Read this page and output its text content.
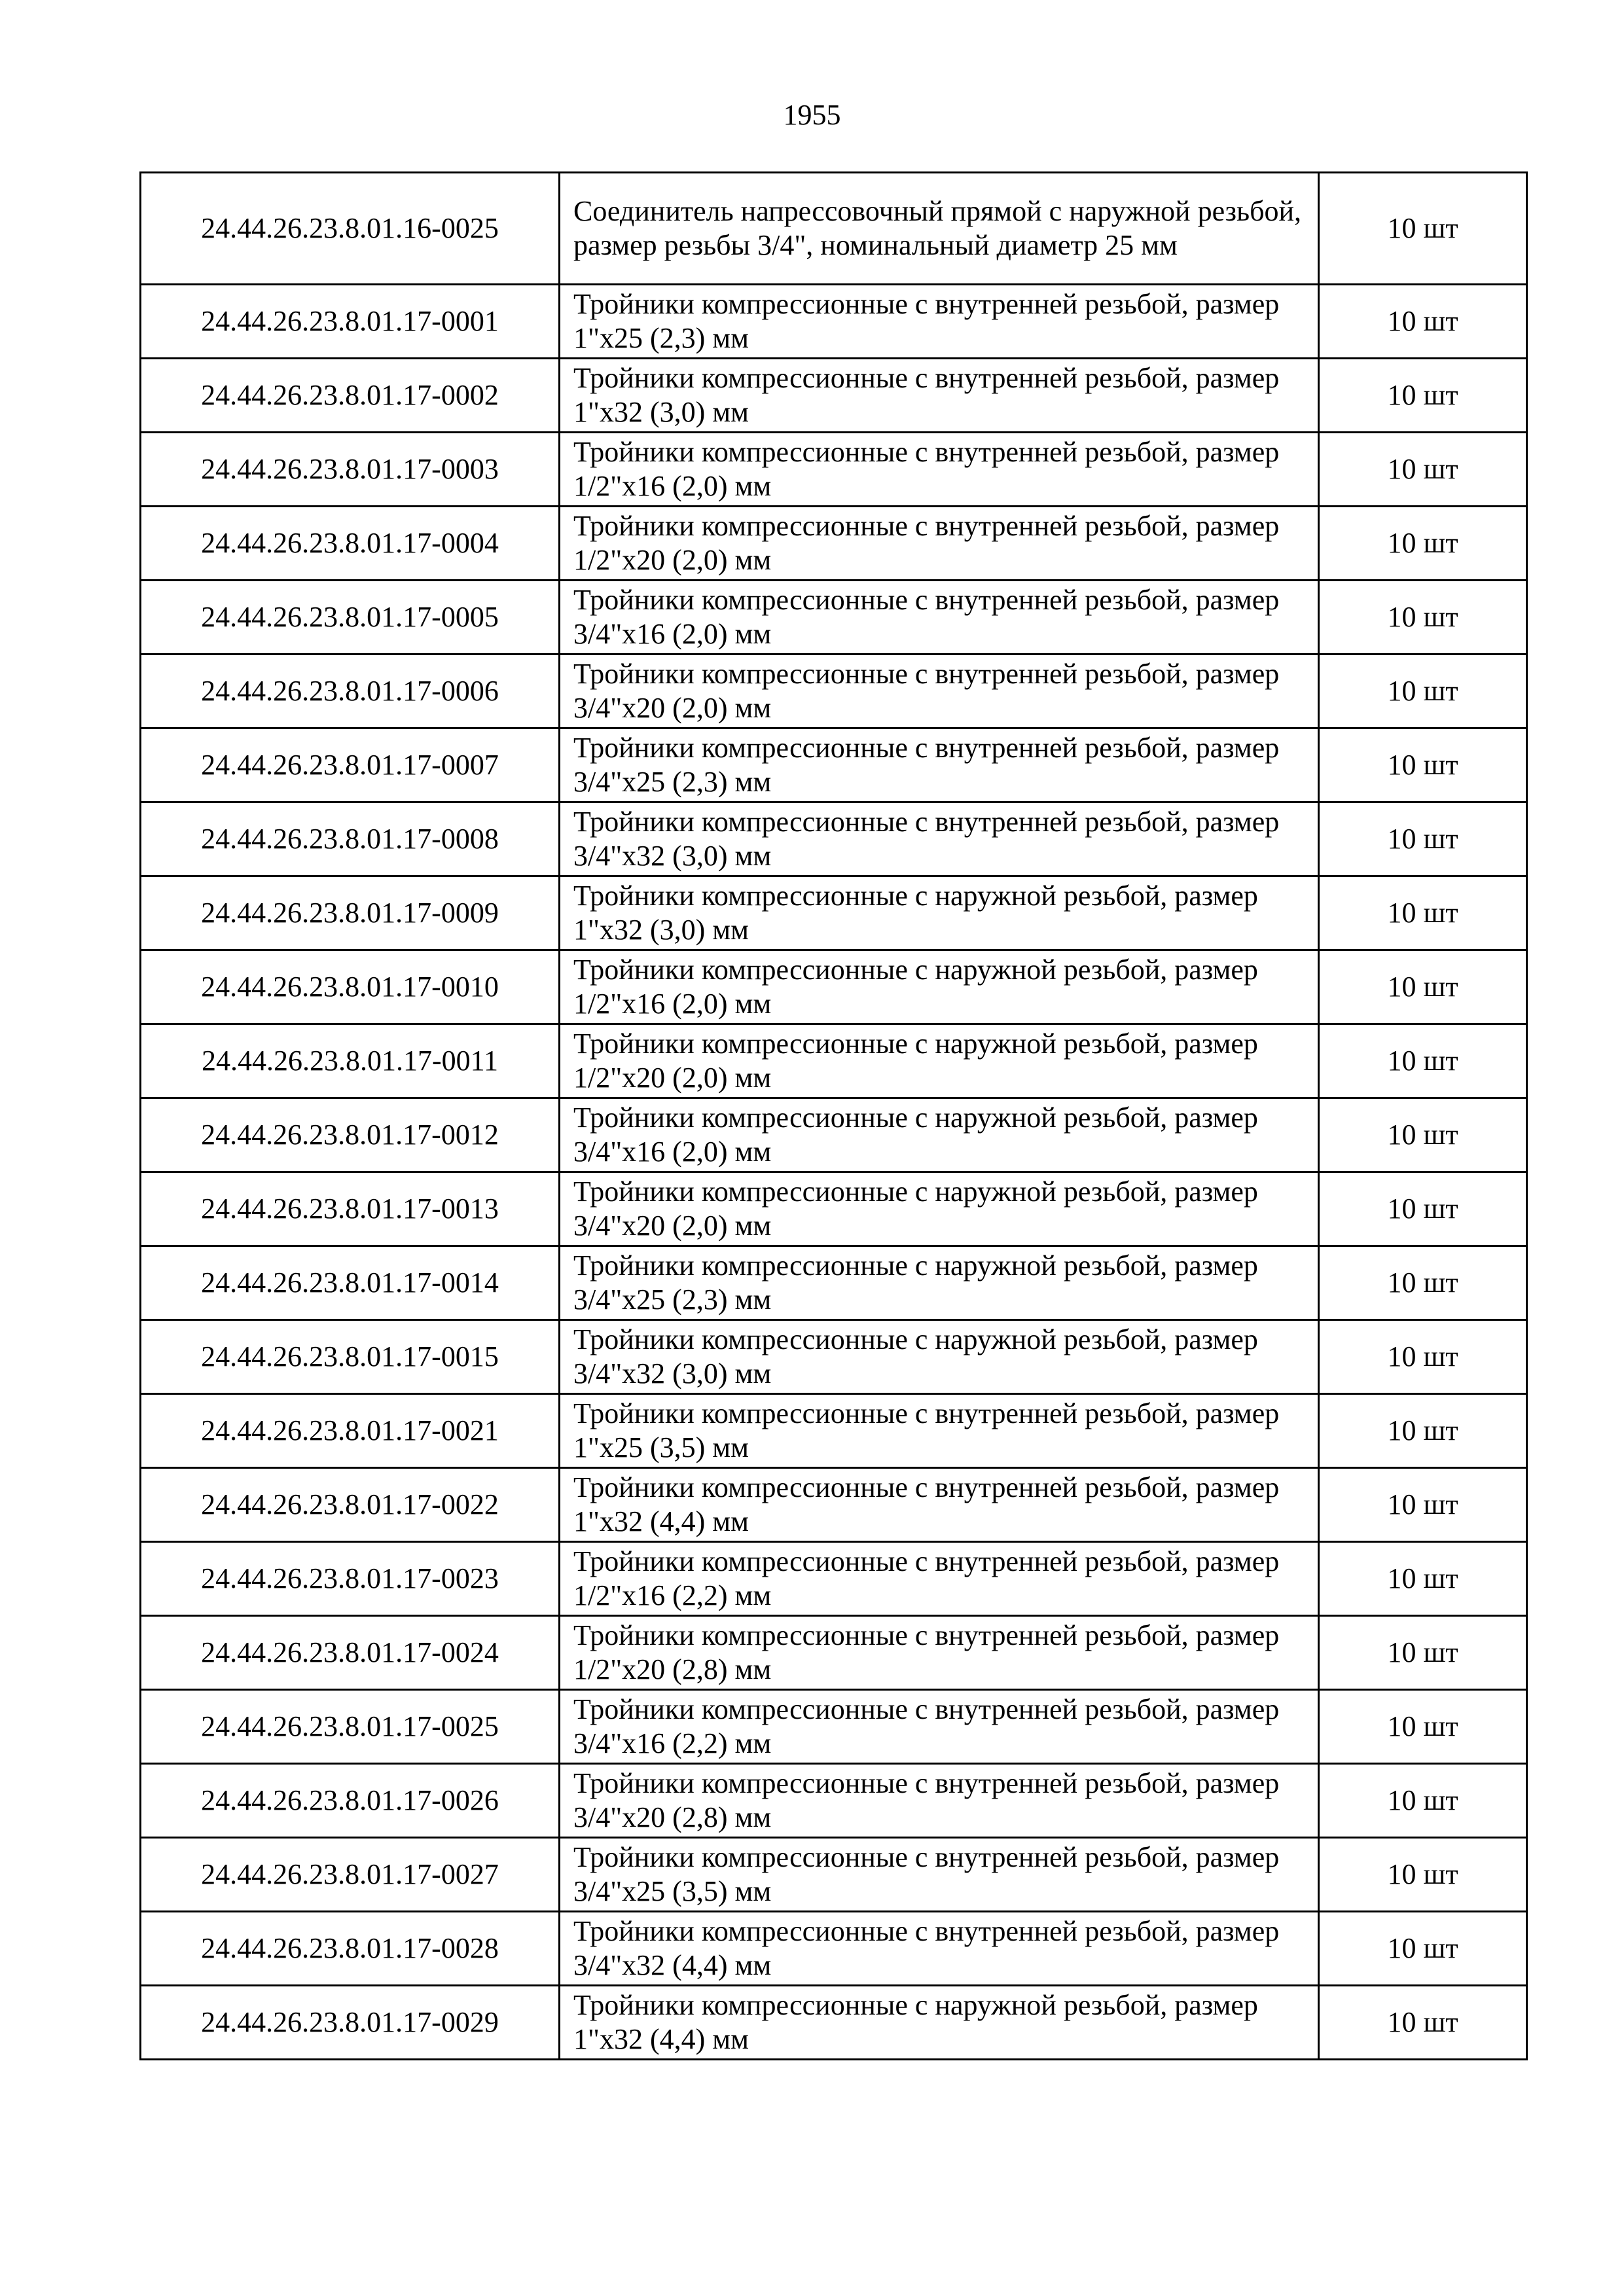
1955
24.44.26.23.8.01.16-0025	Соединитель напрессовочный прямой с наружной резьбой, размер резьбы 3/4", номинальный диаметр 25 мм	10 шт
24.44.26.23.8.01.17-0001	Тройники компрессионные с внутренней резьбой, размер 1"х25 (2,3) мм	10 шт
24.44.26.23.8.01.17-0002	Тройники компрессионные с внутренней резьбой, размер 1"х32 (3,0) мм	10 шт
24.44.26.23.8.01.17-0003	Тройники компрессионные с внутренней резьбой, размер 1/2"х16 (2,0) мм	10 шт
24.44.26.23.8.01.17-0004	Тройники компрессионные с внутренней резьбой, размер 1/2"х20 (2,0) мм	10 шт
24.44.26.23.8.01.17-0005	Тройники компрессионные с внутренней резьбой, размер 3/4"х16 (2,0) мм	10 шт
24.44.26.23.8.01.17-0006	Тройники компрессионные с внутренней резьбой, размер 3/4"х20 (2,0) мм	10 шт
24.44.26.23.8.01.17-0007	Тройники компрессионные с внутренней резьбой, размер 3/4"х25 (2,3) мм	10 шт
24.44.26.23.8.01.17-0008	Тройники компрессионные с внутренней резьбой, размер 3/4"х32 (3,0) мм	10 шт
24.44.26.23.8.01.17-0009	Тройники компрессионные с наружной резьбой, размер 1"х32 (3,0) мм	10 шт
24.44.26.23.8.01.17-0010	Тройники компрессионные с наружной резьбой, размер 1/2"х16 (2,0) мм	10 шт
24.44.26.23.8.01.17-0011	Тройники компрессионные с наружной резьбой, размер 1/2"х20 (2,0) мм	10 шт
24.44.26.23.8.01.17-0012	Тройники компрессионные с наружной резьбой, размер 3/4"х16 (2,0) мм	10 шт
24.44.26.23.8.01.17-0013	Тройники компрессионные с наружной резьбой, размер 3/4"х20 (2,0) мм	10 шт
24.44.26.23.8.01.17-0014	Тройники компрессионные с наружной резьбой, размер 3/4"х25 (2,3) мм	10 шт
24.44.26.23.8.01.17-0015	Тройники компрессионные с наружной резьбой, размер 3/4"х32 (3,0) мм	10 шт
24.44.26.23.8.01.17-0021	Тройники компрессионные с внутренней резьбой, размер 1"х25 (3,5) мм	10 шт
24.44.26.23.8.01.17-0022	Тройники компрессионные с внутренней резьбой, размер 1"х32 (4,4) мм	10 шт
24.44.26.23.8.01.17-0023	Тройники компрессионные с внутренней резьбой, размер 1/2"х16 (2,2) мм	10 шт
24.44.26.23.8.01.17-0024	Тройники компрессионные с внутренней резьбой, размер 1/2"х20 (2,8) мм	10 шт
24.44.26.23.8.01.17-0025	Тройники компрессионные с внутренней резьбой, размер 3/4"х16 (2,2) мм	10 шт
24.44.26.23.8.01.17-0026	Тройники компрессионные с внутренней резьбой, размер 3/4"х20 (2,8) мм	10 шт
24.44.26.23.8.01.17-0027	Тройники компрессионные с внутренней резьбой, размер 3/4"х25 (3,5) мм	10 шт
24.44.26.23.8.01.17-0028	Тройники компрессионные с внутренней резьбой, размер 3/4"х32 (4,4) мм	10 шт
24.44.26.23.8.01.17-0029	Тройники компрессионные с наружной резьбой, размер 1"х32 (4,4) мм	10 шт
